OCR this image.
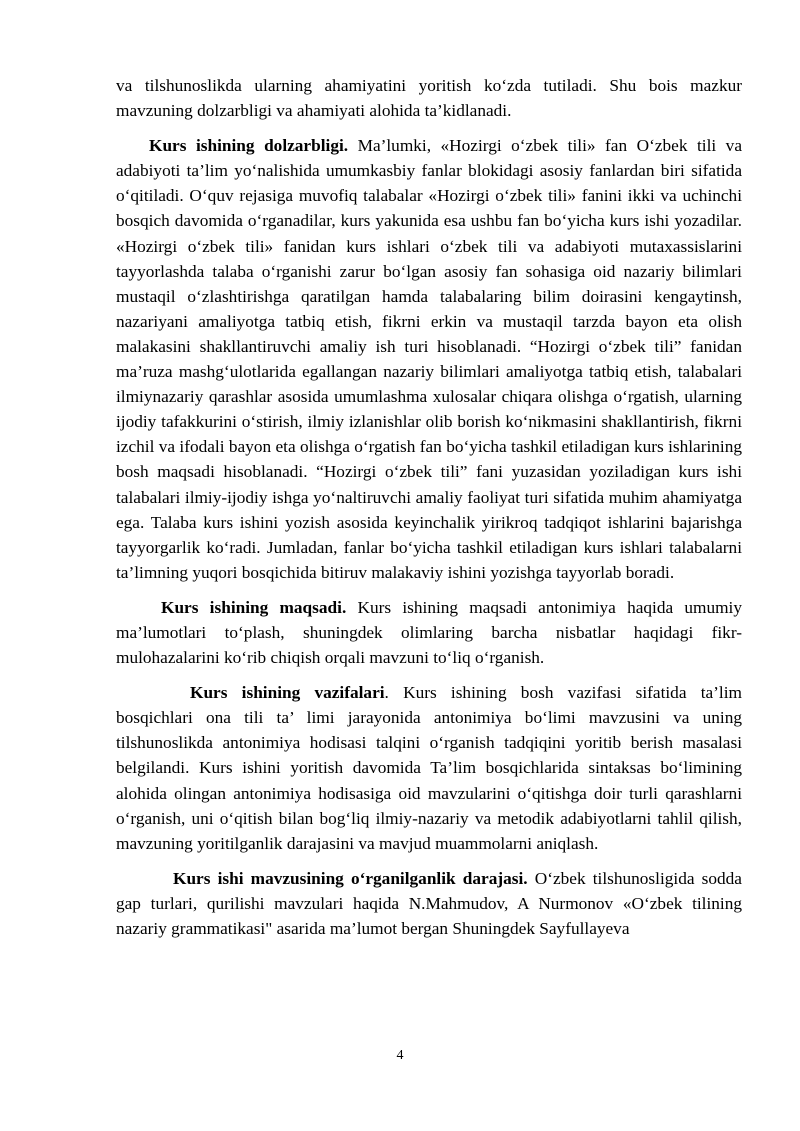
va tilshunoslikda ularning ahamiyatini yoritish ko‘zda tutiladi. Shu bois mazkur mavzuning dolzarbligi va ahamiyati alohida ta’kidlanadi.

Kurs ishining dolzarbligi. Ma’lumki, «Hozirgi o‘zbek tili» fan O‘zbek tili va adabiyoti ta’lim yo‘nalishida umumkasbiy fanlar blokidagi asosiy fanlardan biri sifatida o‘qitiladi. O‘quv rejasiga muvofiq talabalar «Hozirgi o‘zbek tili» fanini ikki va uchinchi bosqich davomida o‘rganadilar, kurs yakunida esa ushbu fan bo‘yicha kurs ishi yozadilar. «Hozirgi o‘zbek tili» fanidan kurs ishlari o‘zbek tili va adabiyoti mutaxassislarini tayyorlashda talaba o‘rganishi zarur bo‘lgan asosiy fan sohasiga oid nazariy bilimlari mustaqil o‘zlashtirishga qaratilgan hamda talabalaring bilim doirasini kengaytinsh, nazariyani amaliyotga tatbiq etish, fikrni erkin va mustaqil tarzda bayon eta olish malakasini shakllantiruvchi amaliy ish turi hisoblanadi. “Hozirgi o‘zbek tili” fanidan ma’ruza mashg‘ulotlarida egallangan nazariy bilimlari amaliyotga tatbiq etish, talabalari ilmiynazariy qarashlar asosida umumlashma xulosalar chiqara olishga o‘rgatish, ularning ijodiy tafakkurini o‘stirish, ilmiy izlanishlar olib borish ko‘nikmasini shakllantirish, fikrni izchil va ifodali bayon eta olishga o‘rgatish fan bo‘yicha tashkil etiladigan kurs ishlarining bosh maqsadi hisoblanadi. “Hozirgi o‘zbek tili” fani yuzasidan yoziladigan kurs ishi talabalari ilmiy-ijodiy ishga yo‘naltiruvchi amaliy faoliyat turi sifatida muhim ahamiyatga ega. Talaba kurs ishini yozish asosida keyinchalik yirikroq tadqiqot ishlarini bajarishga tayyorgarlik ko‘radi. Jumladan, fanlar bo‘yicha tashkil etiladigan kurs ishlari talabalarni ta’limning yuqori bosqichida bitiruv malakaviy ishini yozishga tayyorlab boradi.

Kurs ishining maqsadi. Kurs ishining maqsadi antonimiya haqida umumiy ma’lumotlari to‘plash, shuningdek olimlaring barcha nisbatlar haqidagi fikr-mulohazalarini ko‘rib chiqish orqali mavzuni to‘liq o‘rganish.

Kurs ishining vazifalari. Kurs ishining bosh vazifasi sifatida ta’lim bosqichlari ona tili ta’ limi jarayonida antonimiya bo‘limi mavzusini va uning tilshunoslikda antonimiya hodisasi talqini o‘rganish tadqiqini yoritib berish masalasi belgilandi. Kurs ishini yoritish davomida Ta’lim bosqichlarida sintaksas bo‘limining alohida olingan antonimiya hodisasiga oid mavzularini o‘qitishga doir turli qarashlarni o‘rganish, uni o‘qitish bilan bog‘liq ilmiy-nazariy va metodik adabiyotlarni tahlil qilish, mavzuning yoritilganlik darajasini va mavjud muammolarni aniqlash.

Kurs ishi mavzusining o‘rganilganlik darajasi. O‘zbek tilshunosligida sodda gap turlari, qurilishi mavzulari haqida N.Mahmudov, A Nurmonov «O‘zbek tilining nazariy grammatikasi" asarida ma’lumot bergan Shuningdek Sayfullayeva

4
